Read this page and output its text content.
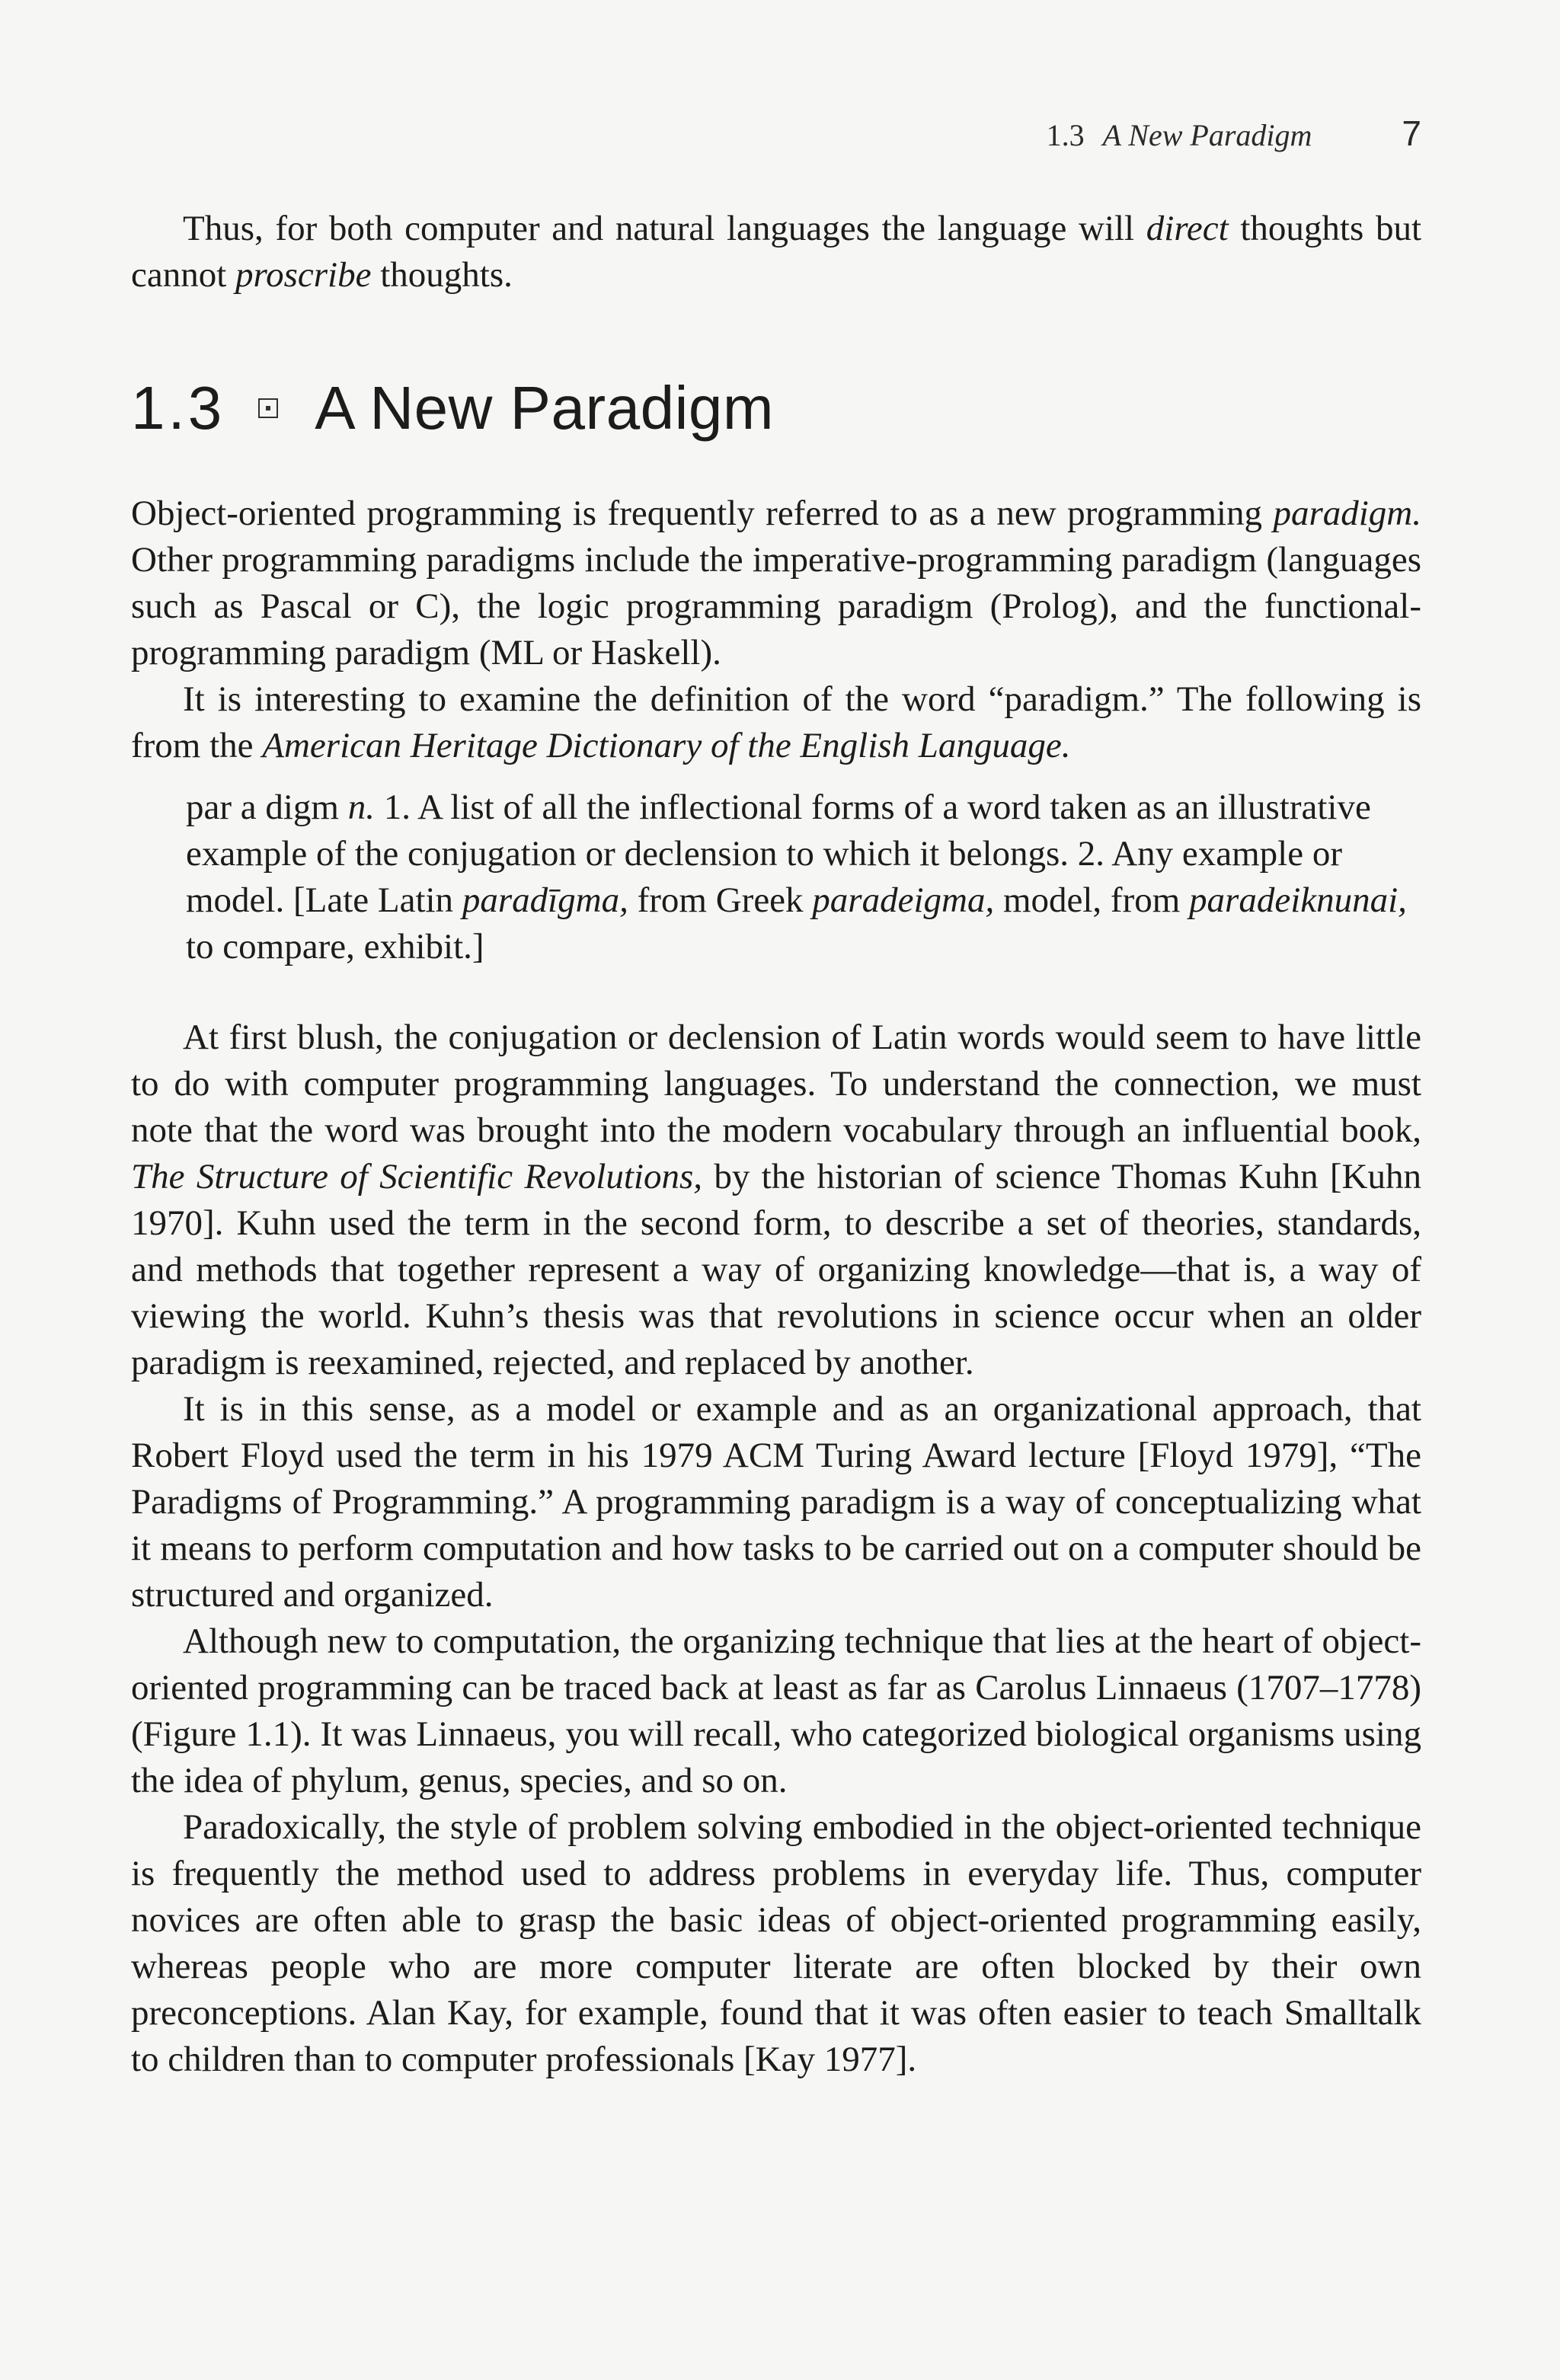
1.3 A New Paradigm	7

Thus, for both computer and natural languages the language will direct thoughts but cannot proscribe thoughts.

1.3 A New Paradigm

Object-oriented programming is frequently referred to as a new programming paradigm. Other programming paradigms include the imperative-programming paradigm (languages such as Pascal or C), the logic programming paradigm (Prolog), and the functional-programming paradigm (ML or Haskell).

It is interesting to examine the definition of the word “paradigm.” The following is from the American Heritage Dictionary of the English Language.

par a digm n. 1. A list of all the inflectional forms of a word taken as an illustrative example of the conjugation or declension to which it belongs. 2. Any example or model. [Late Latin paradīgma, from Greek paradeigma, model, from paradeiknunai, to compare, exhibit.]

At first blush, the conjugation or declension of Latin words would seem to have little to do with computer programming languages. To understand the connection, we must note that the word was brought into the modern vocabulary through an influential book, The Structure of Scientific Revolutions, by the historian of science Thomas Kuhn [Kuhn 1970]. Kuhn used the term in the second form, to describe a set of theories, standards, and methods that together represent a way of organizing knowledge—that is, a way of viewing the world. Kuhn’s thesis was that revolutions in science occur when an older paradigm is reexamined, rejected, and replaced by another.

It is in this sense, as a model or example and as an organizational approach, that Robert Floyd used the term in his 1979 ACM Turing Award lecture [Floyd 1979], “The Paradigms of Programming.” A programming paradigm is a way of conceptualizing what it means to perform computation and how tasks to be carried out on a computer should be structured and organized.

Although new to computation, the organizing technique that lies at the heart of object-oriented programming can be traced back at least as far as Carolus Linnaeus (1707–1778) (Figure 1.1). It was Linnaeus, you will recall, who categorized biological organisms using the idea of phylum, genus, species, and so on.

Paradoxically, the style of problem solving embodied in the object-oriented technique is frequently the method used to address problems in everyday life. Thus, computer novices are often able to grasp the basic ideas of object-oriented programming easily, whereas people who are more computer literate are often blocked by their own preconceptions. Alan Kay, for example, found that it was often easier to teach Smalltalk to children than to computer professionals [Kay 1977].
